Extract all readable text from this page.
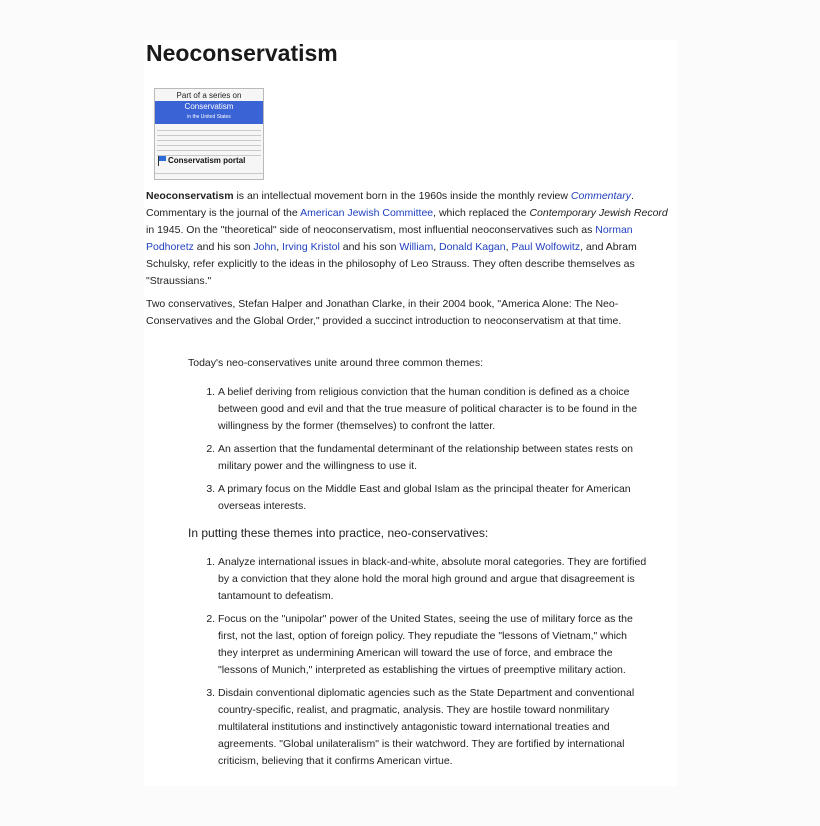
Neoconservatism
Part of a series on
Conservatism
in the United States
Conservatism portal

Neoconservatism is an intellectual movement born in the 1960s inside the monthly review Commentary. Commentary is the journal of the American Jewish Committee, which replaced the Contemporary Jewish Record in 1945. On the "theoretical" side of neoconservatism, most influential neoconservatives such as Norman Podhoretz and his son John, Irving Kristol and his son William, Donald Kagan, Paul Wolfowitz, and Abram Schulsky, refer explicitly to the ideas in the philosophy of Leo Strauss. They often describe themselves as "Straussians."

Two conservatives, Stefan Halper and Jonathan Clarke, in their 2004 book, "America Alone: The Neo-Conservatives and the Global Order," provided a succinct introduction to neoconservatism at that time.

Today's neo-conservatives unite around three common themes:

1. A belief deriving from religious conviction that the human condition is defined as a choice between good and evil and that the true measure of political character is to be found in the willingness by the former (themselves) to confront the latter.
2. An assertion that the fundamental determinant of the relationship between states rests on military power and the willingness to use it.
3. A primary focus on the Middle East and global Islam as the principal theater for American overseas interests.

In putting these themes into practice, neo-conservatives:

1. Analyze international issues in black-and-white, absolute moral categories. They are fortified by a conviction that they alone hold the moral high ground and argue that disagreement is tantamount to defeatism.
2. Focus on the "unipolar" power of the United States, seeing the use of military force as the first, not the last, option of foreign policy. They repudiate the "lessons of Vietnam," which they interpret as undermining American will toward the use of force, and embrace the "lessons of Munich," interpreted as establishing the virtues of preemptive military action.
3. Disdain conventional diplomatic agencies such as the State Department and conventional country-specific, realist, and pragmatic, analysis. They are hostile toward nonmilitary multilateral institutions and instinctively antagonistic toward international treaties and agreements. "Global unilateralism" is their watchword. They are fortified by international criticism, believing that it confirms American virtue.
